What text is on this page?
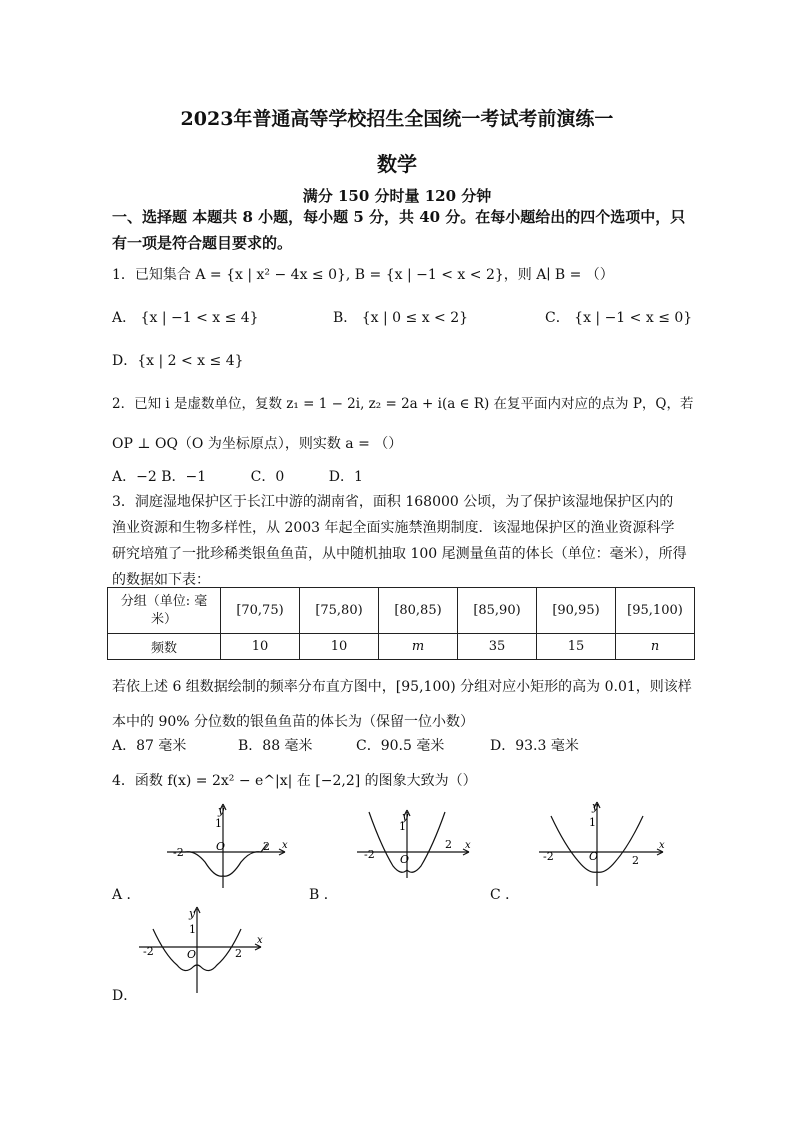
2023年普通高等学校招生全国统一考试考前演练一
数学
满分 150 分时量 120 分钟
一、选择题 本题共 8 小题，每小题 5 分，共 40 分。在每小题给出的四个选项中，只有一项是符合题目要求的。
1．已知集合 A = {x | x² − 4x ≤ 0}, B = {x | −1 < x < 2}，则 A∣ B = （）
A． {x | −1 < x ≤ 4}	B． {x | 0 ≤ x < 2}	C． {x | −1 < x ≤ 0}
D．{x | 2 < x ≤ 4}
2．已知 i 是虚数单位，复数 z₁ = 1 − 2i, z₂ = 2a + i(a ∈ R) 在复平面内对应的点为 P，Q，若
OP ⊥ OQ（O 为坐标原点），则实数 a = （）
A．−2 B．−1          C．0          D．1
3．洞庭湿地保护区于长江中游的湖南省，面积 168000 公顷，为了保护该湿地保护区内的渔业资源和生物多样性，从 2003 年起全面实施禁渔期制度．该湿地保护区的渔业资源科学研究培殖了一批珍稀类银鱼鱼苗，从中随机抽取 100 尾测量鱼苗的体长（单位：毫米），所得的数据如下表：
分组（单位: 毫米）	[70,75)	[75,80)	[80,85)	[85,90)	[90,95)	[95,100)
频数	10	10	m	35	15	n
若依上述 6 组数据绘制的频率分布直方图中，[95,100) 分组对应小矩形的高为 0.01，则该样
本中的 90% 分位数的银鱼鱼苗的体长为（保留一位小数）
A．87 毫米	B．88 毫米	C．90.5 毫米	D．93.3 毫米
4．函数 f(x) = 2x² − e^|x| 在 [−2,2] 的图象大致为（）
y
x
1
O
-2	2
A ．
y
x
1
O
-2
2
B ．
y
x
1
O
-2	2
C ．
y
x
1
O
-2	2
D．
